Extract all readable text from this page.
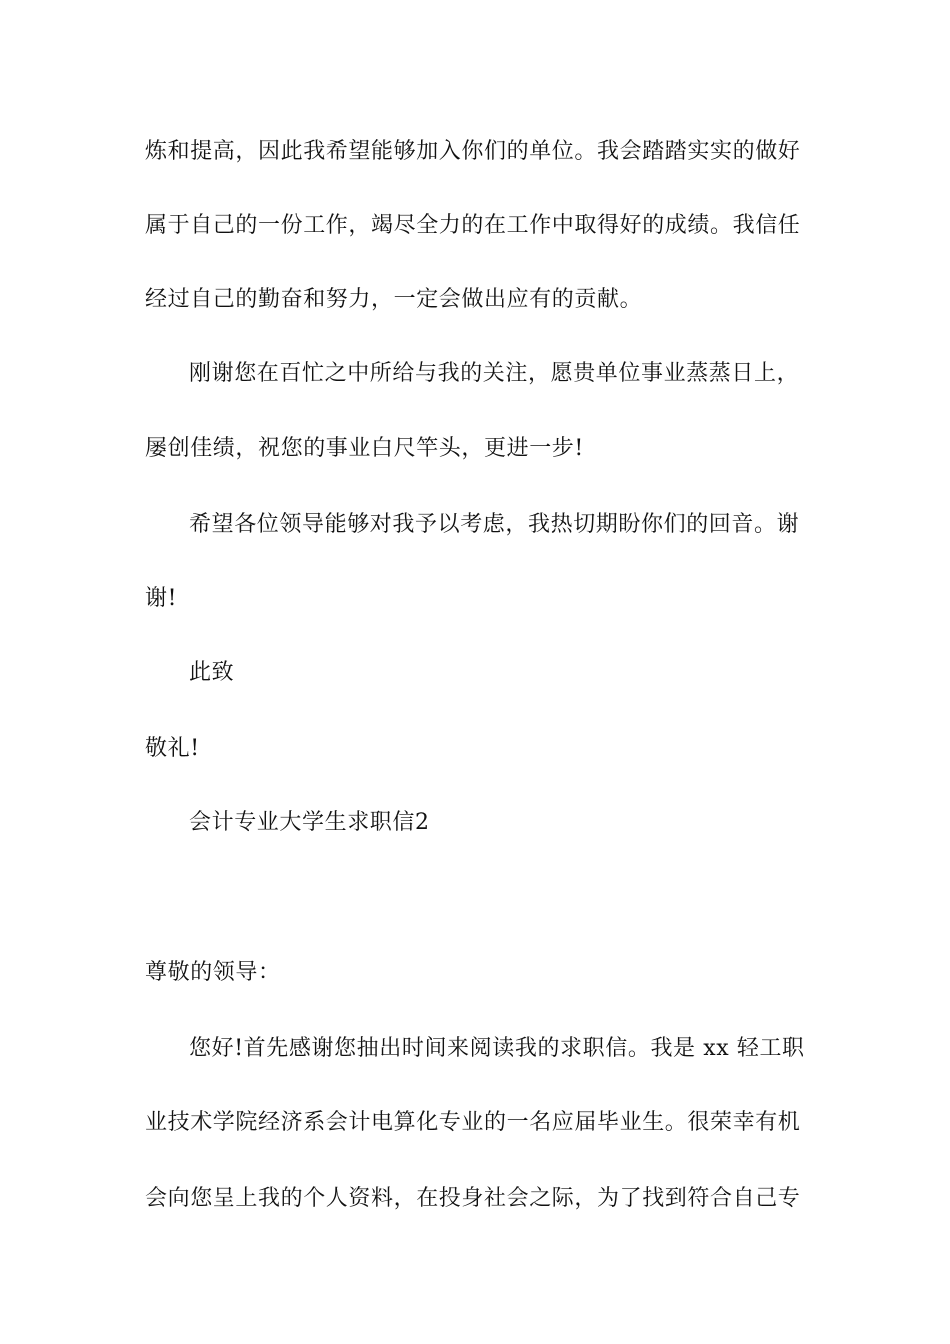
炼和提高，因此我希望能够加入你们的单位。我会踏踏实实的做好
属于自己的一份工作，竭尽全力的在工作中取得好的成绩。我信任
经过自己的勤奋和努力，一定会做出应有的贡献。
刚谢您在百忙之中所给与我的关注，愿贵单位事业蒸蒸日上，
屡创佳绩，祝您的事业白尺竿头，更进一步!
希望各位领导能够对我予以考虑，我热切期盼你们的回音。谢
谢!
此致
敬礼!
会计专业大学生求职信2
尊敬的领导：
您好!首先感谢您抽出时间来阅读我的求职信。我是 xx 轻工职
业技术学院经济系会计电算化专业的一名应届毕业生。很荣幸有机
会向您呈上我的个人资料，在投身社会之际，为了找到符合自己专
